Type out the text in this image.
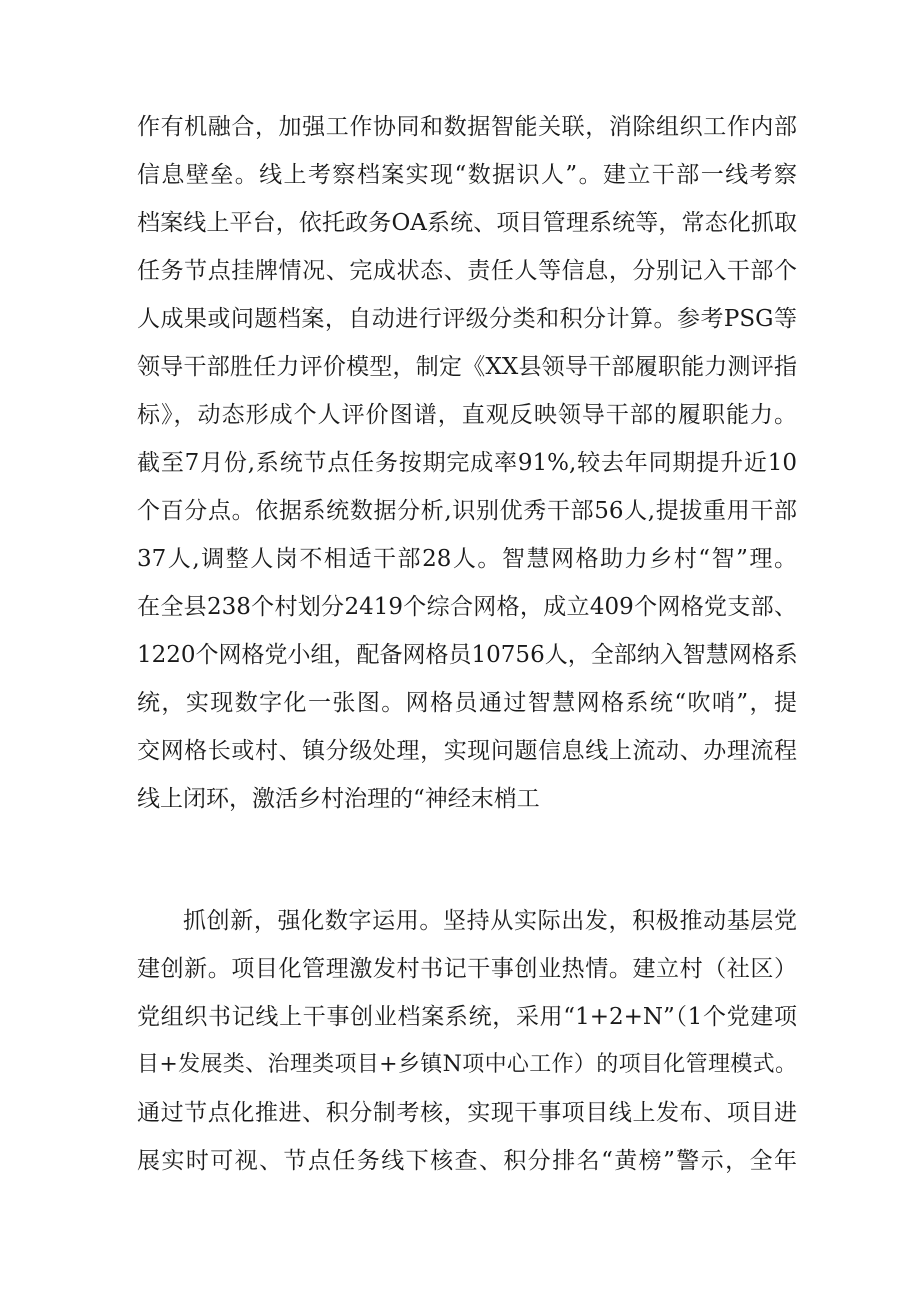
作有机融合，加强工作协同和数据智能关联，消除组织工作内部
信息壁垒。线上考察档案实现“数据识人”。建立干部一线考察
档案线上平台，依托政务OA系统、项目管理系统等，常态化抓取
任务节点挂牌情况、完成状态、责任人等信息，分别记入干部个
人成果或问题档案，自动进行评级分类和积分计算。参考PSG等
领导干部胜任力评价模型，制定《XX县领导干部履职能力测评指
标》，动态形成个人评价图谱，直观反映领导干部的履职能力。
截至7月份,系统节点任务按期完成率91%,较去年同期提升近10
个百分点。依据系统数据分析,识别优秀干部56人,提拔重用干部
37人,调整人岗不相适干部28人。智慧网格助力乡村“智”理。
在全县238个村划分2419个综合网格，成立409个网格党支部、
1220个网格党小组，配备网格员10756人，全部纳入智慧网格系
统，实现数字化一张图。网格员通过智慧网格系统“吹哨”，提
交网格长或村、镇分级处理，实现问题信息线上流动、办理流程
线上闭环，激活乡村治理的“神经末梢工
抓创新，强化数字运用。坚持从实际出发，积极推动基层党
建创新。项目化管理激发村书记干事创业热情。建立村（社区）
党组织书记线上干事创业档案系统，采用“1+2+N”（1个党建项
目+发展类、治理类项目+乡镇N项中心工作）的项目化管理模式。
通过节点化推进、积分制考核，实现干事项目线上发布、项目进
展实时可视、节点任务线下核查、积分排名“黄榜”警示，全年
